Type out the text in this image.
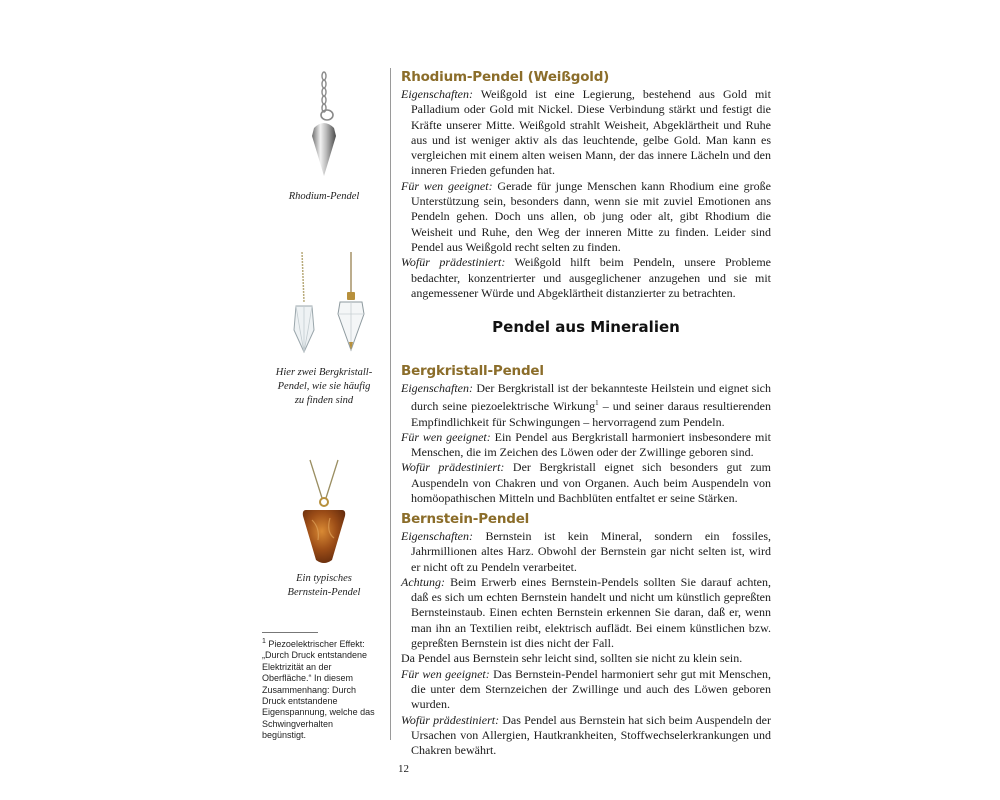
Rhodium-Pendel
Hier zwei Bergkristall-
Pendel, wie sie häufig
zu finden sind
Ein typisches
Bernstein-Pendel
$^1$ Piezoelektrischer Effekt: „Durch Druck entstandene Elektrizität an der Oberfläche.“ In diesem Zusammenhang: Durch Druck entstandene Eigenspannung, welche das Schwingverhalten begünstigt.
Rhodium-Pendel (Weißgold)
Eigenschaften: Weißgold ist eine Legierung, bestehend aus Gold mit Palladium oder Gold mit Nickel. Diese Verbindung stärkt und festigt die Kräfte unserer Mitte. Weißgold strahlt Weisheit, Abgeklärtheit und Ruhe aus und ist weniger aktiv als das leuchtende, gelbe Gold. Man kann es vergleichen mit einem alten weisen Mann, der das innere Lächeln und den inneren Frieden gefunden hat.
Für wen geeignet: Gerade für junge Menschen kann Rhodium eine große Unterstützung sein, besonders dann, wenn sie mit zuviel Emotionen ans Pendeln gehen. Doch uns allen, ob jung oder alt, gibt Rhodium die Weisheit und Ruhe, den Weg der inneren Mitte zu finden. Leider sind Pendel aus Weißgold recht selten zu finden.
Wofür prädestiniert: Weißgold hilft beim Pendeln, unsere Probleme bedachter, konzentrierter und ausgeglichener anzugehen und sie mit angemessener Würde und Abgeklärtheit distanzierter zu betrachten.
Pendel aus Mineralien
Bergkristall-Pendel
Eigenschaften: Der Bergkristall ist der bekannteste Heilstein und eignet sich durch seine piezoelektrische Wirkung$^1$ – und seiner daraus resultierenden Empfindlichkeit für Schwingungen – hervorragend zum Pendeln.
Für wen geeignet: Ein Pendel aus Bergkristall harmoniert insbesondere mit Menschen, die im Zeichen des Löwen oder der Zwillinge geboren sind.
Wofür prädestiniert: Der Bergkristall eignet sich besonders gut zum Auspendeln von Chakren und von Organen. Auch beim Auspendeln von homöopathischen Mitteln und Bachblüten entfaltet er seine Stärken.
Bernstein-Pendel
Eigenschaften: Bernstein ist kein Mineral, sondern ein fossiles, Jahrmillionen altes Harz. Obwohl der Bernstein gar nicht selten ist, wird er nicht oft zu Pendeln verarbeitet.
Achtung: Beim Erwerb eines Bernstein-Pendels sollten Sie darauf achten, daß es sich um echten Bernstein handelt und nicht um künstlich gepreßten Bernsteinstaub. Einen echten Bernstein erkennen Sie daran, daß er, wenn man ihn an Textilien reibt, elektrisch auflädt. Bei einem künstlichen bzw. gepreßten Bernstein ist dies nicht der Fall.
Da Pendel aus Bernstein sehr leicht sind, sollten sie nicht zu klein sein.
Für wen geeignet: Das Bernstein-Pendel harmoniert sehr gut mit Menschen, die unter dem Sternzeichen der Zwillinge und auch des Löwen geboren wurden.
Wofür prädestiniert: Das Pendel aus Bernstein hat sich beim Auspendeln der Ursachen von Allergien, Hautkrankheiten, Stoffwechselerkrankungen und Chakren bewährt.
12
